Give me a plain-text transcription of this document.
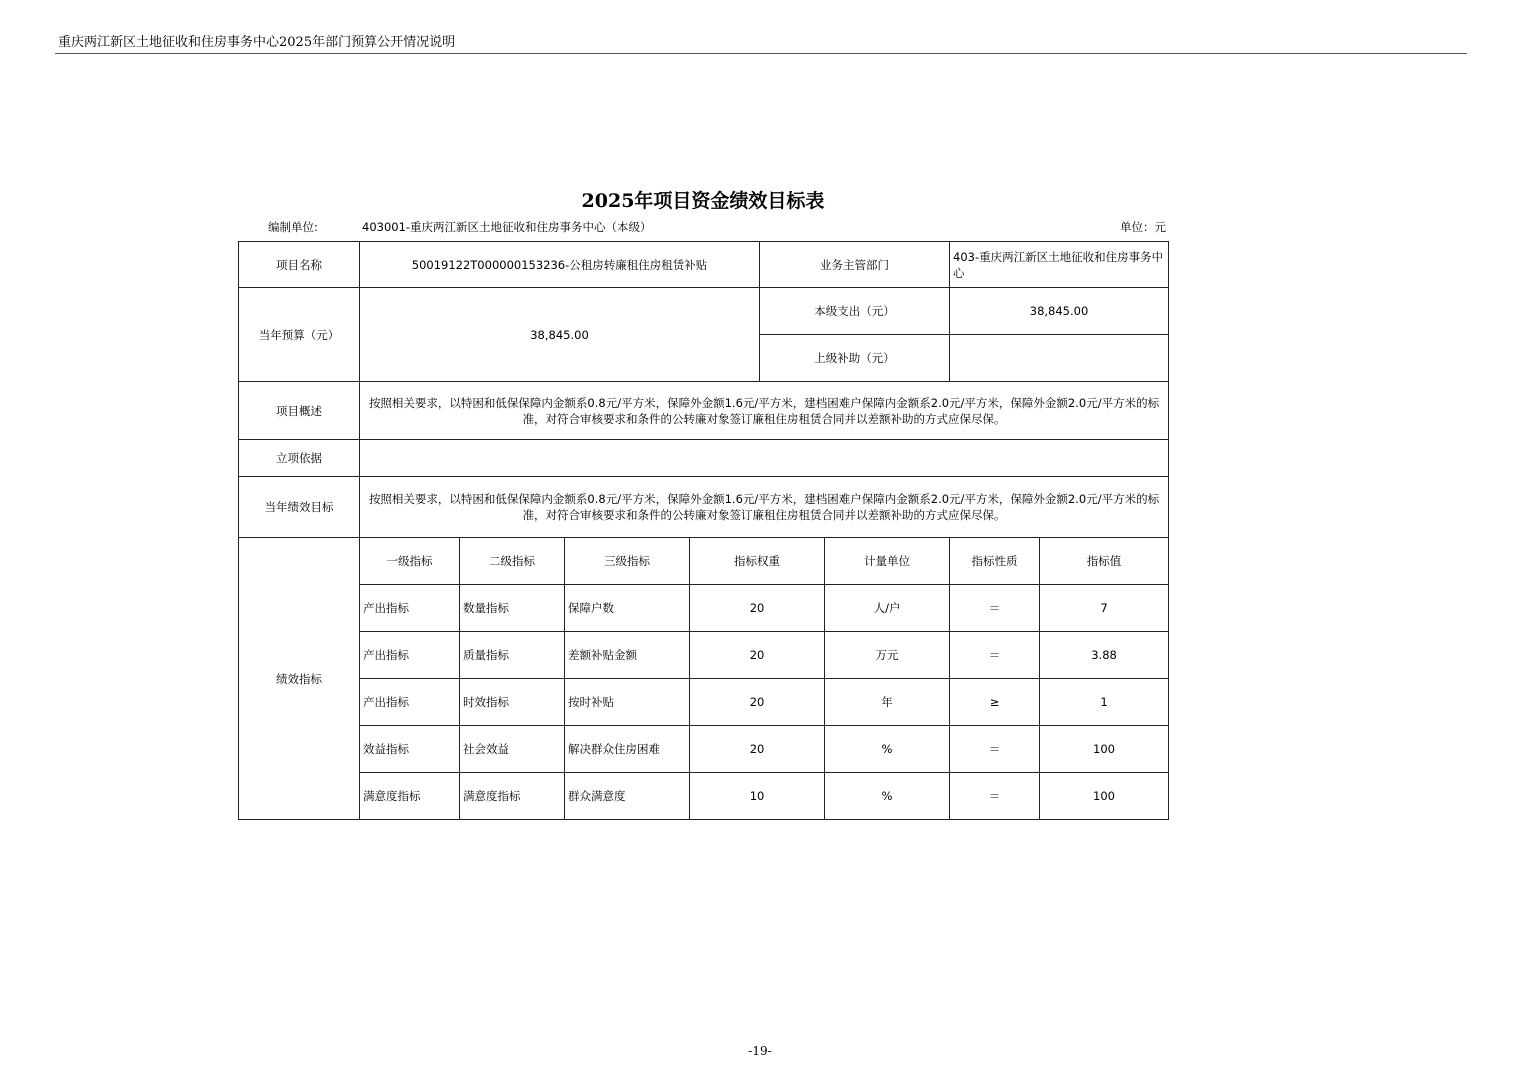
重庆两江新区土地征收和住房事务中心2025年部门预算公开情况说明
2025年项目资金绩效目标表
编制单位:	403001-重庆两江新区土地征收和住房事务中心（本级）	单位：元
项目名称	50019122T000000153236-公租房转廉租住房租赁补贴				业务主管部门		403-重庆两江新区土地征收和住房事务中心	
当年预算（元）	38,845.00				本级支出（元）		38,845.00	
					上级补助（元）			
项目概述	按照相关要求，以特困和低保保障内金额系0.8元/平方米，保障外金额1.6元/平方米，建档困难户保障内金额系2.0元/平方米，保障外金额2.0元/平方米的标准，对符合审核要求和条件的公转廉对象签订廉租住房租赁合同并以差额补助的方式应保尽保。							
立项依据								
当年绩效目标	按照相关要求，以特困和低保保障内金额系0.8元/平方米，保障外金额1.6元/平方米，建档困难户保障内金额系2.0元/平方米，保障外金额2.0元/平方米的标准，对符合审核要求和条件的公转廉对象签订廉租住房租赁合同并以差额补助的方式应保尽保。							
绩效指标	一级指标	二级指标	三级指标	指标权重		计量单位	指标性质	指标值
	产出指标	数量指标	保障户数	20		人/户	＝	7
	产出指标	质量指标	差额补贴金额	20		万元	＝	3.88
	产出指标	时效指标	按时补贴	20		年	≥	1
	效益指标	社会效益	解决群众住房困难	20		%	＝	100
	满意度指标	满意度指标	群众满意度	10		%	＝	100
-19-
